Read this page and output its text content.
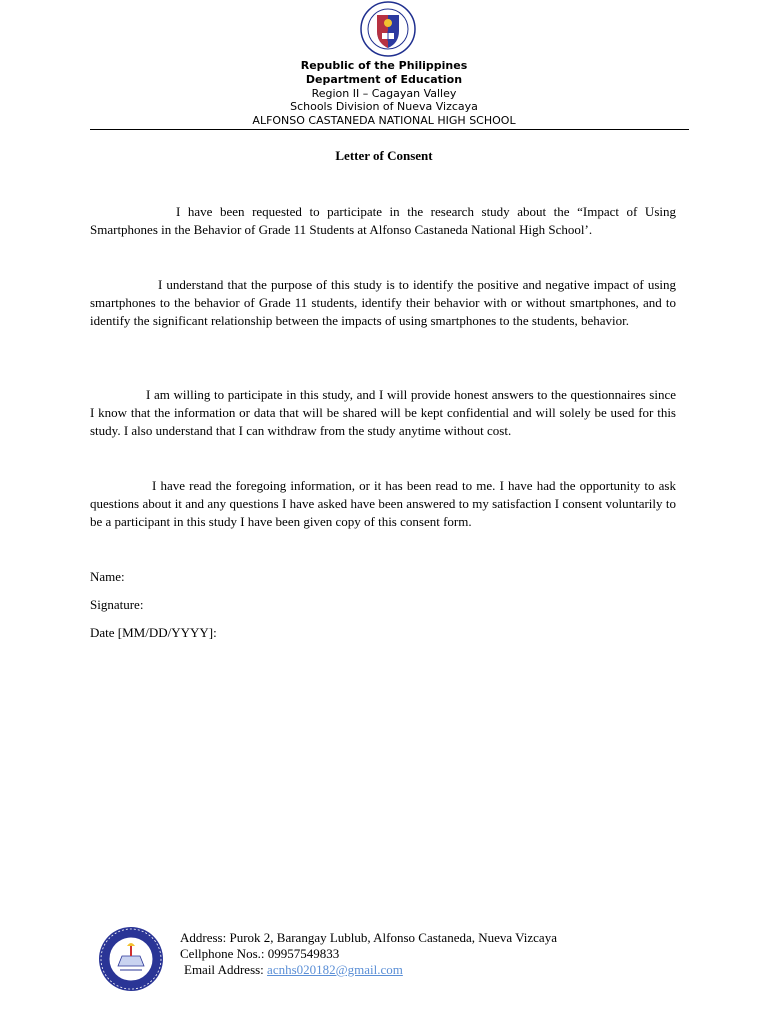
Republic of the Philippines
Department of Education
Region II – Cagayan Valley
Schools Division of Nueva Vizcaya
ALFONSO CASTANEDA NATIONAL HIGH SCHOOL
Letter of Consent

I have been requested to participate in the research study about the “Impact of Using Smartphones in the Behavior of Grade 11 Students at Alfonso Castaneda National High School’.

I understand that the purpose of this study is to identify the positive and negative impact of using smartphones to the behavior of Grade 11 students, identify their behavior with or without smartphones, and to identify the significant relationship between the impacts of using smartphones to the students, behavior.

I am willing to participate in this study, and I will provide honest answers to the questionnaires since I know that the information or data that will be shared will be kept confidential and will solely be used for this study. I also understand that I can withdraw from the study anytime without cost.

I have read the foregoing information, or it has been read to me. I have had the opportunity to ask questions about it and any questions I have asked have been answered to my satisfaction I consent voluntarily to be a participant in this study I have been given copy of this consent form.

Name:
Signature:
Date [MM/DD/YYYY]:
Address: Purok 2, Barangay Lublub, Alfonso Castaneda, Nueva Vizcaya
Cellphone Nos.: 09957549833
Email Address: acnhs020182@gmail.com
